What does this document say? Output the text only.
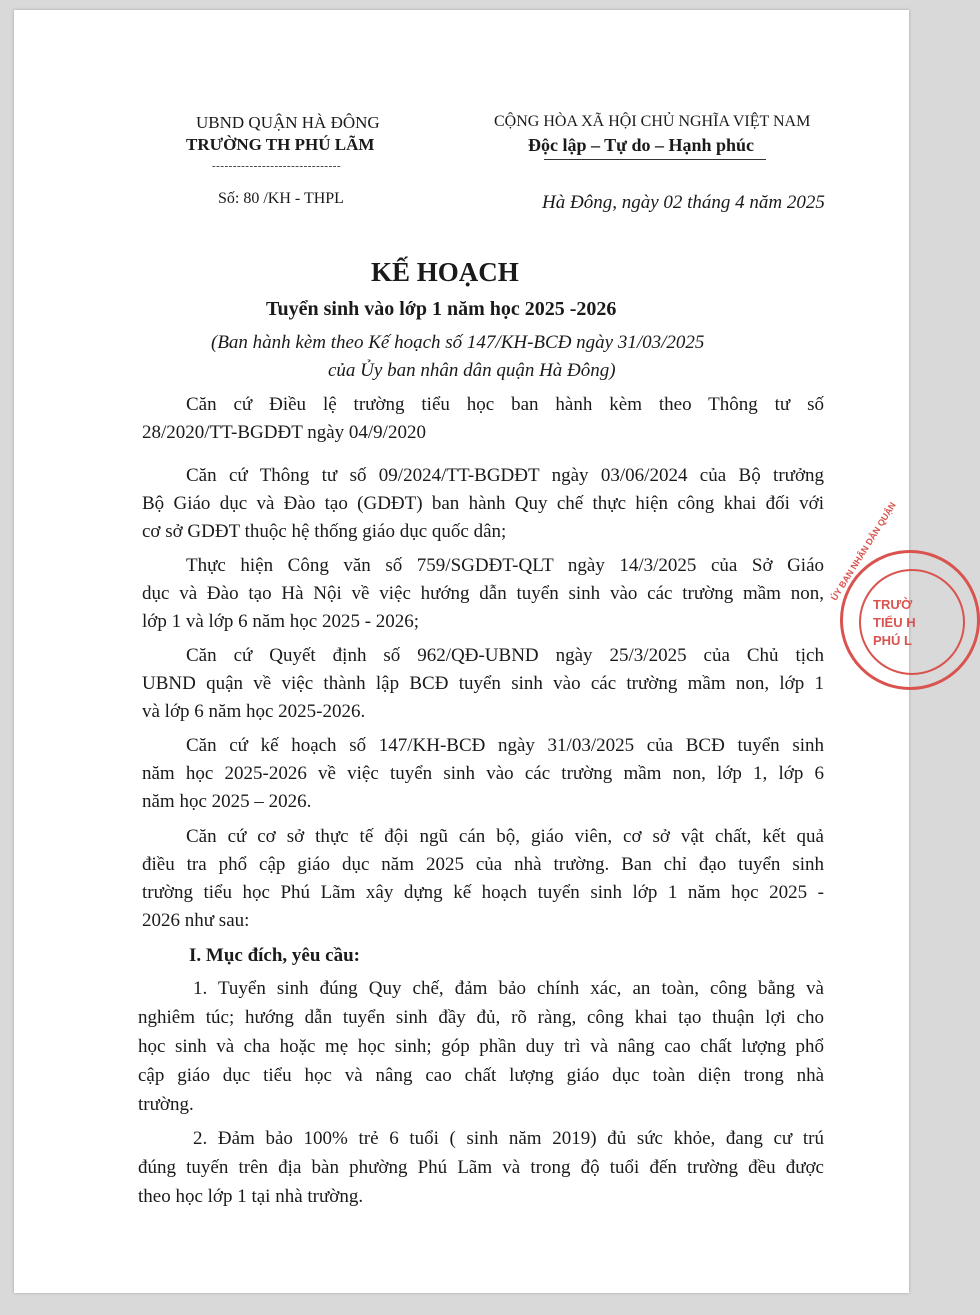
UBND QUẬN HÀ ĐÔNG
TRƯỜNG TH PHÚ LÃM
-------------------------------
Số: 80 /KH - THPL
CỘNG HÒA XÃ HỘI CHỦ NGHĨA VIỆT NAM
Độc lập – Tự do – Hạnh phúc
Hà Đông, ngày 02 tháng 4 năm 2025
KẾ HOẠCH
Tuyển sinh vào lớp 1 năm học 2025 -2026
(Ban hành kèm theo Kế hoạch số 147/KH-BCĐ ngày 31/03/2025
của Ủy ban nhân dân quận Hà Đông)
Căn cứ Điều lệ trường tiểu học ban hành kèm theo Thông tư số
28/2020/TT-BGDĐT ngày 04/9/2020
Căn cứ Thông tư số 09/2024/TT-BGDĐT ngày 03/06/2024 của Bộ trưởng
Bộ Giáo dục và Đào tạo (GDĐT) ban hành Quy chế thực hiện công khai đối với
cơ sở GDĐT thuộc hệ thống giáo dục quốc dân;
Thực hiện Công văn số 759/SGDĐT-QLT ngày 14/3/2025 của Sở Giáo
dục và Đào tạo Hà Nội về việc hướng dẫn tuyển sinh vào các trường mầm non,
lớp 1 và lớp 6 năm học 2025 - 2026;
Căn cứ Quyết định số 962/QĐ-UBND ngày 25/3/2025 của Chủ tịch
UBND quận về việc thành lập BCĐ tuyển sinh vào các trường mầm non, lớp 1
và lớp 6 năm học 2025-2026.
Căn cứ kế hoạch số 147/KH-BCĐ ngày 31/03/2025 của BCĐ tuyển sinh
năm học 2025-2026 về việc tuyển sinh vào các trường mầm non, lớp 1, lớp 6
năm học 2025 – 2026.
Căn cứ cơ sở thực tế đội ngũ cán bộ, giáo viên, cơ sở vật chất, kết quả
điều tra phổ cập giáo dục năm 2025 của nhà trường. Ban chỉ đạo tuyển sinh
trường tiểu học Phú Lãm xây dựng kế hoạch tuyển sinh lớp 1 năm học 2025 -
2026 như sau:
I. Mục đích, yêu cầu:
1. Tuyển sinh đúng Quy chế, đảm bảo chính xác, an toàn, công bằng và
nghiêm túc; hướng dẫn tuyển sinh đầy đủ, rõ ràng, công khai tạo thuận lợi cho
học sinh và cha hoặc mẹ học sinh; góp phần duy trì và nâng cao chất lượng phổ
cập giáo dục tiểu học và nâng cao chất lượng giáo dục toàn diện trong nhà
trường.
2. Đảm bảo 100% trẻ 6 tuổi ( sinh năm 2019) đủ sức khỏe, đang cư trú
đúng tuyến trên địa bàn phường Phú Lãm và trong độ tuổi đến trường đều được
theo học lớp 1 tại nhà trường.
ỦY BAN NHÂN DÂN QUẬN
TRƯỜ
TIỂU H
PHÚ L
